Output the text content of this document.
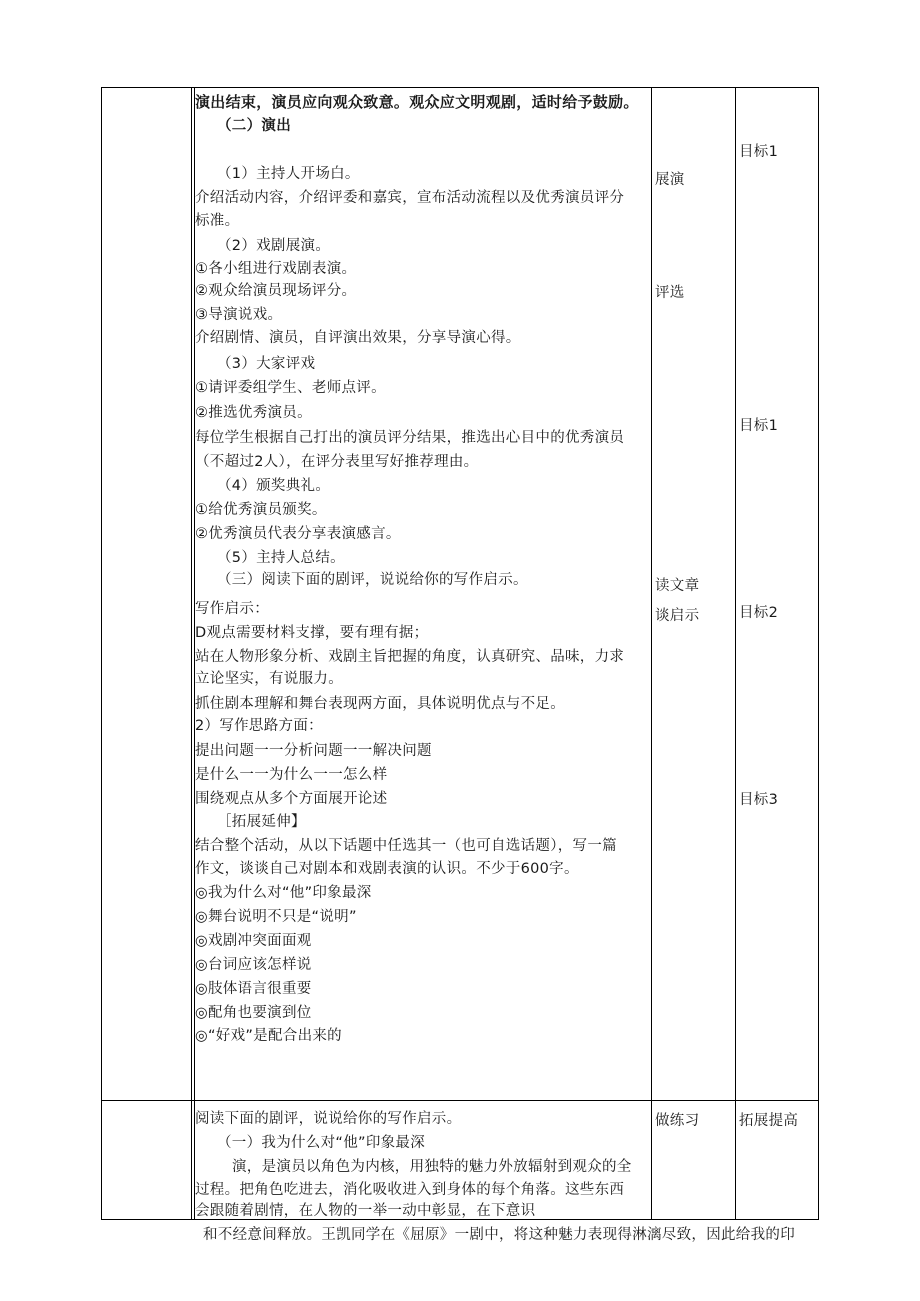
演出结束，演员应向观众致意。观众应文明观剧，适时给予鼓励。
（二）演出
（1）主持人开场白。
介绍活动内容，介绍评委和嘉宾，宣布活动流程以及优秀演员评分
标准。
（2）戏剧展演。
①各小组进行戏剧表演。
②观众给演员现场评分。
③导演说戏。
介绍剧情、演员，自评演出效果，分享导演心得。
（3）大家评戏
①请评委组学生、老师点评。
②推选优秀演员。
每位学生根据自己打出的演员评分结果，推选出心目中的优秀演员
（不超过2人），在评分表里写好推荐理由。
（4）颁奖典礼。
①给优秀演员颁奖。
②优秀演员代表分享表演感言。
（5）主持人总结。
（三）阅读下面的剧评，说说给你的写作启示。
写作启示：
D观点需要材料支撑，要有理有据；
站在人物形象分析、戏剧主旨把握的角度，认真研究、品味，力求
立论坚实，有说服力。
抓住剧本理解和舞台表现两方面，具体说明优点与不足。
2）写作思路方面：
提出问题一一分析问题一一解决问题
是什么一一为什么一一怎么样
围绕观点从多个方面展开论述
［拓展延伸】
结合整个活动，从以下话题中任选其一（也可自选话题），写一篇
作文，谈谈自己对剧本和戏剧表演的认识。不少于600字。
◎我为什么对“他”印象最深
◎舞台说明不只是“说明”
◎戏剧冲突面面观
◎台词应该怎样说
◎肢体语言很重要
◎配角也要演到位
◎“好戏”是配合出来的
展演
评选
读文章
谈启示
目标1
目标1
目标2
目标3
阅读下面的剧评，说说给你的写作启示。
（一）我为什么对“他”印象最深
演，是演员以角色为内核，用独特的魅力外放辐射到观众的全
过程。把角色吃进去，消化吸收进入到身体的每个角落。这些东西
会跟随着剧情，在人物的一举一动中彰显，在下意识
做练习	拓展提高
和不经意间释放。王凯同学在《屈原》一剧中，将这种魅力表现得淋漓尽致，因此给我的印
